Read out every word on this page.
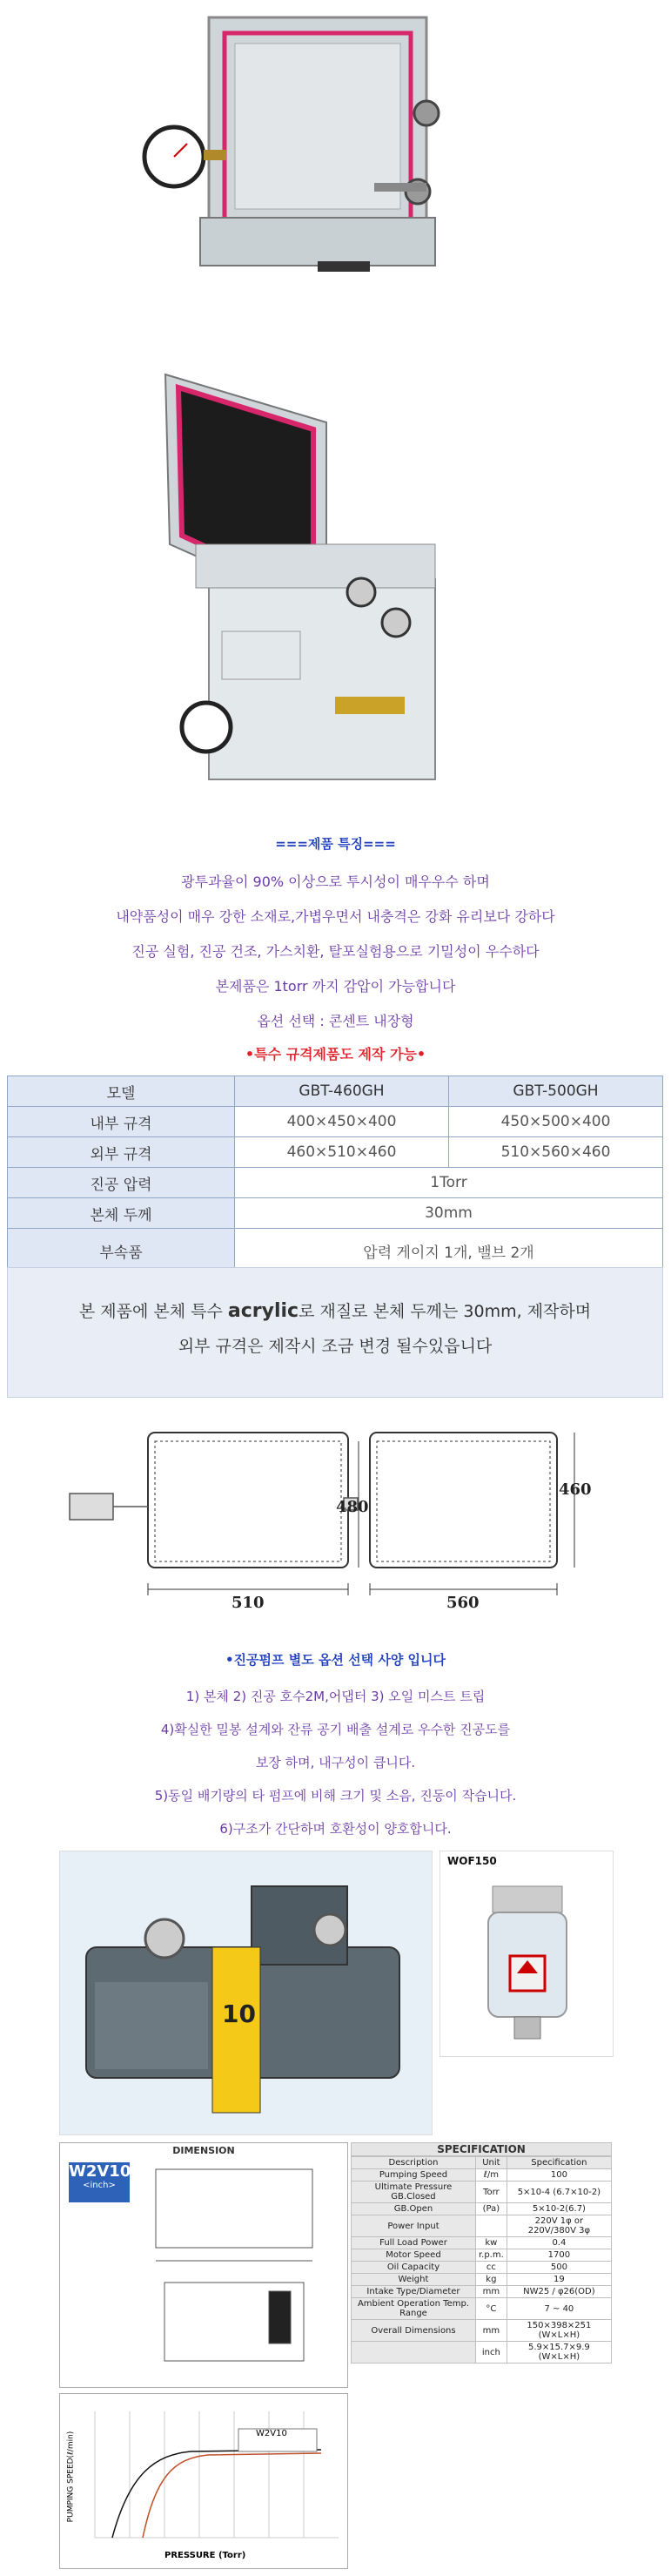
===제품 특징===
광투과율이 90% 이상으로 투시성이 매우우수 하며
내약품성이 매우 강한 소재로,가볍우면서 내충격은 강화 유리보다 강하다
진공 실험, 진공 건조, 가스치환, 탈포실험용으로 기밀성이 우수하다
본제품은 1torr 까지 감압이 가능합니다
옵션 선택 : 콘센트 내장형
•특수 규격제품도 제작 가능•
모델	GBT-460GH	GBT-500GH
내부 규격	400×450×400	450×500×400
외부 규격	460×510×460	510×560×460
진공 압력	1Torr	
본체 두께	30mm	
부속품	압력 게이지 1개, 밸브 2개	
본 제품에 본체 특수 acrylic로 재질로 본체 두께는 30mm, 제작하며
외부 규격은 제작시 조금 변경 될수있읍니다
510
480
560
460
•진공펌프 별도 옵션 선택 사양 입니다
1) 본체 2) 진공 호수2M,어댑터 3) 오일 미스트 트립
4)확실한 밀봉 설계와 잔류 공기 배출 설계로 우수한 진공도를
보장 하며, 내구성이 큽니다.
5)동일 배기량의 타 펌프에 비해 크기 및 소음, 진동이 작습니다.
6)구조가 간단하며 호환성이 양호합니다.
10
WOF150
DIMENSION
W2V10
<inch>
SPECIFICATION
Description	Unit	Specification
Pumping Speed	ℓ/m	100
Ultimate Pressure GB.Closed	Torr	5×10-4 (6.7×10-2)
GB.Open	(Pa)	5×10-2(6.7)
Power Input		220V 1φ or 220V/380V 3φ
Full Load Power	kw	0.4
Motor Speed	r.p.m.	1700
Oil Capacity	cc	500
Weight	kg	19
Intake Type/Diameter	mm	NW25 / φ26(OD)
Ambient Operation Temp. Range	°C	7 ~ 40
Overall Dimensions	mm	150×398×251 (W×L×H)
	inch	5.9×15.7×9.9 (W×L×H)
W2V10
PRESSURE (Torr)
PUMPING SPEED(ℓ/min)
